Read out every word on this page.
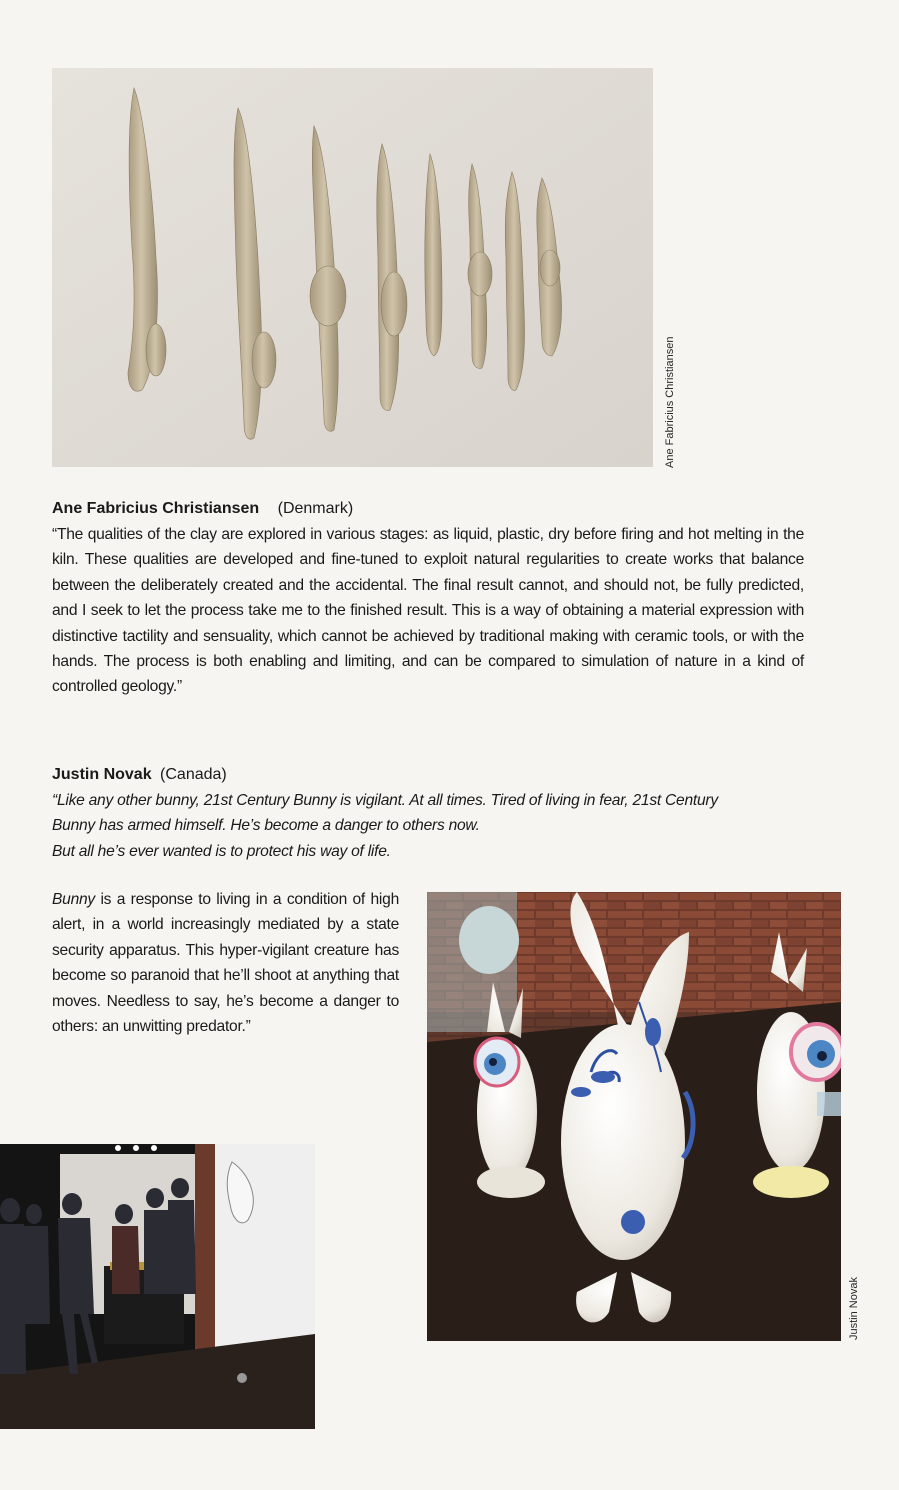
Ane Fabricius Christiansen
Ane Fabricius Christiansen (Denmark)
“The qualities of the clay are explored in various stages: as liquid, plastic, dry before firing and hot melting in the kiln. These qualities are developed and fine-tuned to exploit natural regularities to create works that balance between the deliberately created and the accidental. The final result cannot, and should not, be fully predicted, and I seek to let the process take me to the finished result. This is a way of obtaining a material expression with distinctive tactility and sensuality, which cannot be achieved by traditional making with ceramic tools, or with the hands. The process is both enabling and limiting, and can be compared to simulation of nature in a kind of controlled geology.”
Justin Novak (Canada)
“Like any other bunny, 21st Century Bunny is vigilant. At all times. Tired of living in fear, 21st Century
Bunny has armed himself. He’s become a danger to others now.
But all he’s ever wanted is to protect his way of life.
Bunny is a response to living in a condition of high alert, in a world increasingly mediated by a state security apparatus. This hyper-vigilant creature has become so paranoid that he’ll shoot at anything that moves. Needless to say, he’s become a danger to others: an unwitting predator.”
Justin Novak
